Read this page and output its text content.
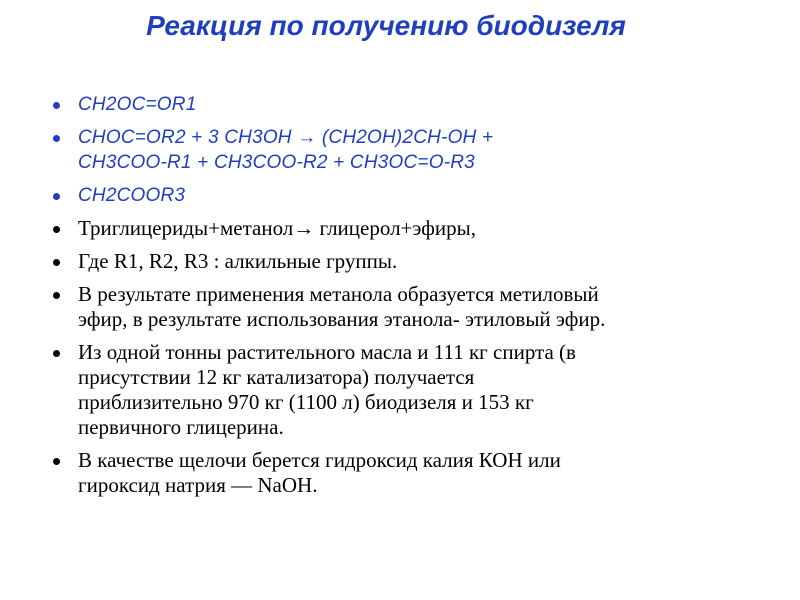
Реакция по получению биодизеля
CH2OC=OR1
CHOC=OR2 + 3 CH3OH → (CH2OH)2CH-OH +
CH3COO-R1 + CH3COO-R2 + CH3OC=O-R3
CH2COOR3
Триглицериды+метанол→ глицерол+эфиры,
Где R1, R2, R3 : алкильные группы.
В результате применения метанола образуется метиловый
эфир, в результате использования этанола- этиловый эфир.
Из одной тонны растительного масла и 111 кг спирта (в
присутствии 12 кг катализатора) получается
приблизительно 970 кг (1100 л) биодизеля и 153 кг
первичного глицерина.
В качестве щелочи берется гидроксид калия КОН или
гироксид натрия — NaOH.
